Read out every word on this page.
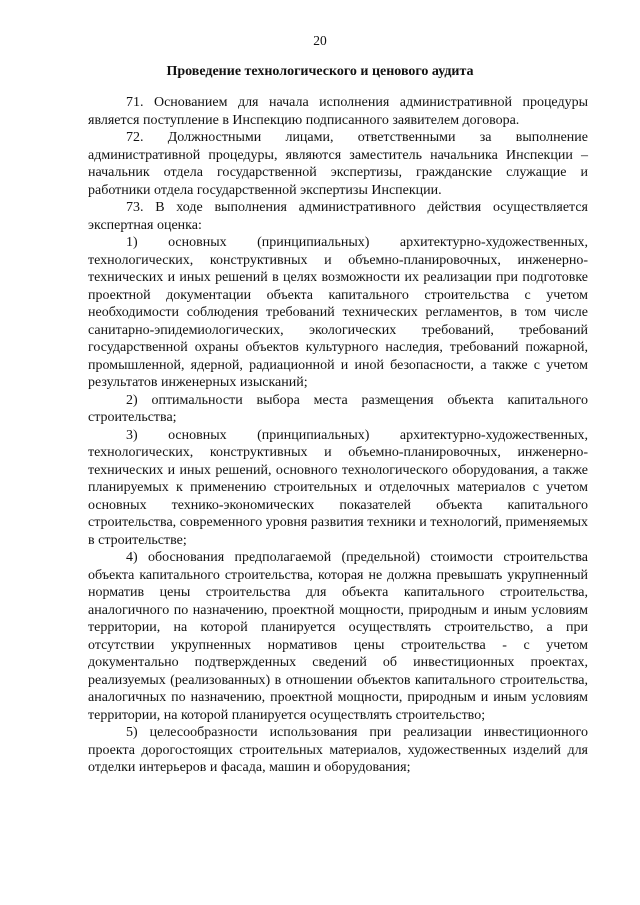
20
Проведение технологического и ценового аудита

71. Основанием для начала исполнения административной процедуры является поступление в Инспекцию подписанного заявителем договора.

72. Должностными лицами, ответственными за выполнение административной процедуры, являются заместитель начальника Инспекции – начальник отдела государственной экспертизы, гражданские служащие и работники отдела государственной экспертизы Инспекции.

73. В ходе выполнения административного действия осуществляется экспертная оценка:

1) основных (принципиальных) архитектурно-художественных, технологических, конструктивных и объемно-планировочных, инженерно-технических и иных решений в целях возможности их реализации при подготовке проектной документации объекта капитального строительства с учетом необходимости соблюдения требований технических регламентов, в том числе санитарно-эпидемиологических, экологических требований, требований государственной охраны объектов культурного наследия, требований пожарной, промышленной, ядерной, радиационной и иной безопасности, а также с учетом результатов инженерных изысканий;

2) оптимальности выбора места размещения объекта капитального строительства;

3) основных (принципиальных) архитектурно-художественных, технологических, конструктивных и объемно-планировочных, инженерно-технических и иных решений, основного технологического оборудования, а также планируемых к применению строительных и отделочных материалов с учетом основных технико-экономических показателей объекта капитального строительства, современного уровня развития техники и технологий, применяемых в строительстве;

4) обоснования предполагаемой (предельной) стоимости строительства объекта капитального строительства, которая не должна превышать укрупненный норматив цены строительства для объекта капитального строительства, аналогичного по назначению, проектной мощности, природным и иным условиям территории, на которой планируется осуществлять строительство, а при отсутствии укрупненных нормативов цены строительства - с учетом документально подтвержденных сведений об инвестиционных проектах, реализуемых (реализованных) в отношении объектов капитального строительства, аналогичных по назначению, проектной мощности, природным и иным условиям территории, на которой планируется осуществлять строительство;

5) целесообразности использования при реализации инвестиционного проекта дорогостоящих строительных материалов, художественных изделий для отделки интерьеров и фасада, машин и оборудования;
